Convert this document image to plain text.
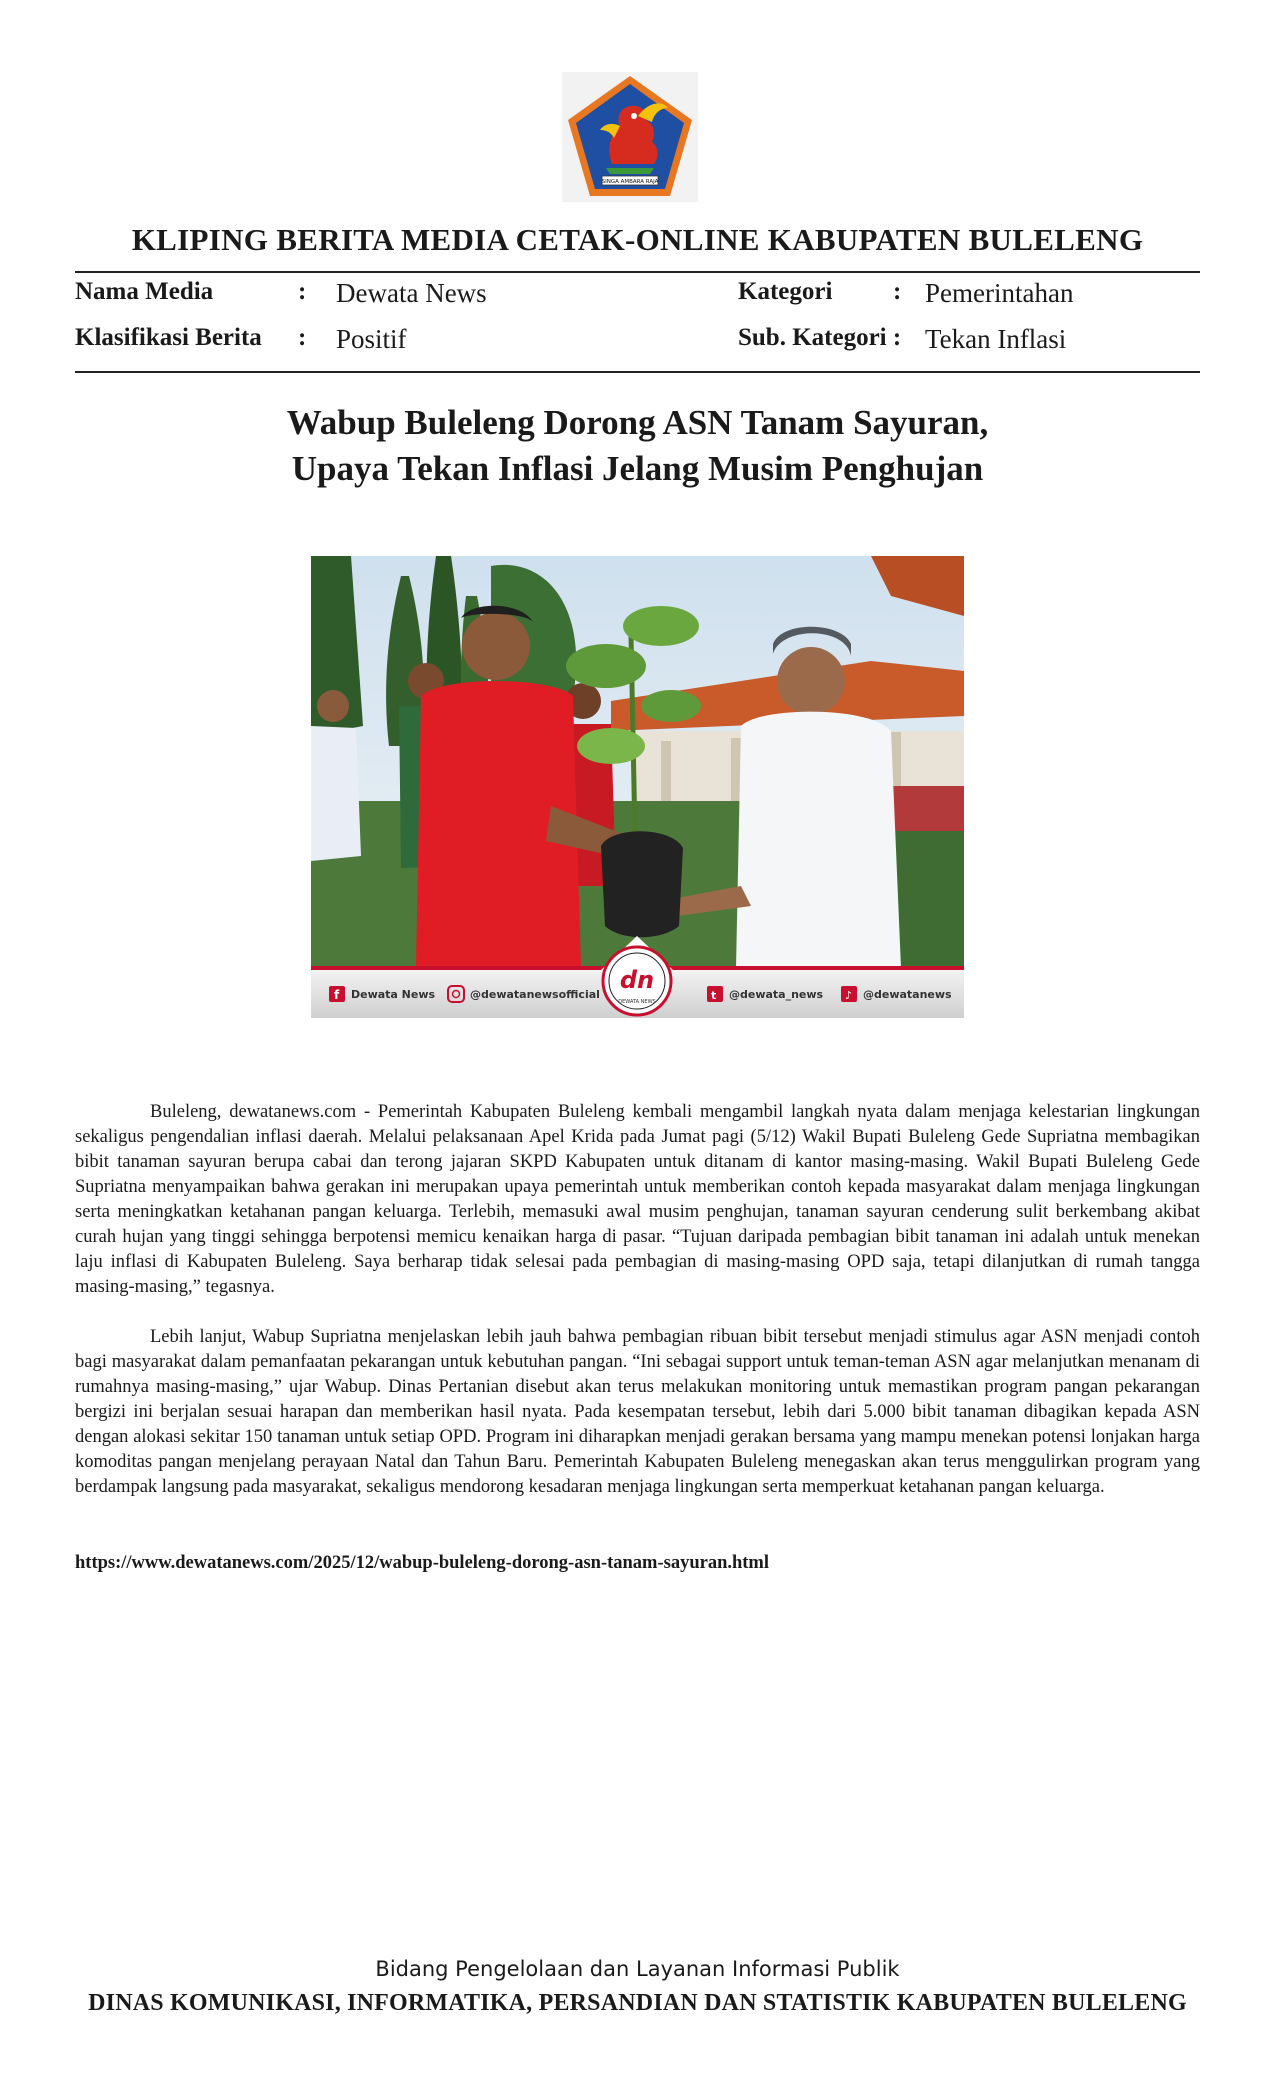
SINGA AMBARA RAJA
KLIPING BERITA MEDIA CETAK-ONLINE KABUPATEN BULELENG
Nama Media	: Dewata News	Kategori : Pemerintahan
Klasifikasi Berita : Positif	Sub. Kategori : Tekan Inflasi
Wabup Buleleng Dorong ASN Tanam Sayuran,
Upaya Tekan Inflasi Jelang Musim Penghujan
dn
DEWATA NEWS
f Dewata News	@dewatanewsofficial	t @dewata_news ♪ @dewatanews

Buleleng, dewatanews.com - Pemerintah Kabupaten Buleleng kembali mengambil langkah nyata dalam menjaga kelestarian lingkungan sekaligus pengendalian inflasi daerah. Melalui pelaksanaan Apel Krida pada Jumat pagi (5/12) Wakil Bupati Buleleng Gede Supriatna membagikan bibit tanaman sayuran berupa cabai dan terong jajaran SKPD Kabupaten untuk ditanam di kantor masing-masing. Wakil Bupati Buleleng Gede Supriatna menyampaikan bahwa gerakan ini merupakan upaya pemerintah untuk memberikan contoh kepada masyarakat dalam menjaga lingkungan serta meningkatkan ketahanan pangan keluarga. Terlebih, memasuki awal musim penghujan, tanaman sayuran cenderung sulit berkembang akibat curah hujan yang tinggi sehingga berpotensi memicu kenaikan harga di pasar. “Tujuan daripada pembagian bibit tanaman ini adalah untuk menekan laju inflasi di Kabupaten Buleleng. Saya berharap tidak selesai pada pembagian di masing-masing OPD saja, tetapi dilanjutkan di rumah tangga masing-masing,” tegasnya.

Lebih lanjut, Wabup Supriatna menjelaskan lebih jauh bahwa pembagian ribuan bibit tersebut menjadi stimulus agar ASN menjadi contoh bagi masyarakat dalam pemanfaatan pekarangan untuk kebutuhan pangan. “Ini sebagai support untuk teman-teman ASN agar melanjutkan menanam di rumahnya masing-masing,” ujar Wabup. Dinas Pertanian disebut akan terus melakukan monitoring untuk memastikan program pangan pekarangan bergizi ini berjalan sesuai harapan dan memberikan hasil nyata. Pada kesempatan tersebut, lebih dari 5.000 bibit tanaman dibagikan kepada ASN dengan alokasi sekitar 150 tanaman untuk setiap OPD. Program ini diharapkan menjadi gerakan bersama yang mampu menekan potensi lonjakan harga komoditas pangan menjelang perayaan Natal dan Tahun Baru. Pemerintah Kabupaten Buleleng menegaskan akan terus menggulirkan program yang berdampak langsung pada masyarakat, sekaligus mendorong kesadaran menjaga lingkungan serta memperkuat ketahanan pangan keluarga.

https://www.dewatanews.com/2025/12/wabup-buleleng-dorong-asn-tanam-sayuran.html
Bidang Pengelolaan dan Layanan Informasi Publik
DINAS KOMUNIKASI, INFORMATIKA, PERSANDIAN DAN STATISTIK KABUPATEN BULELENG
